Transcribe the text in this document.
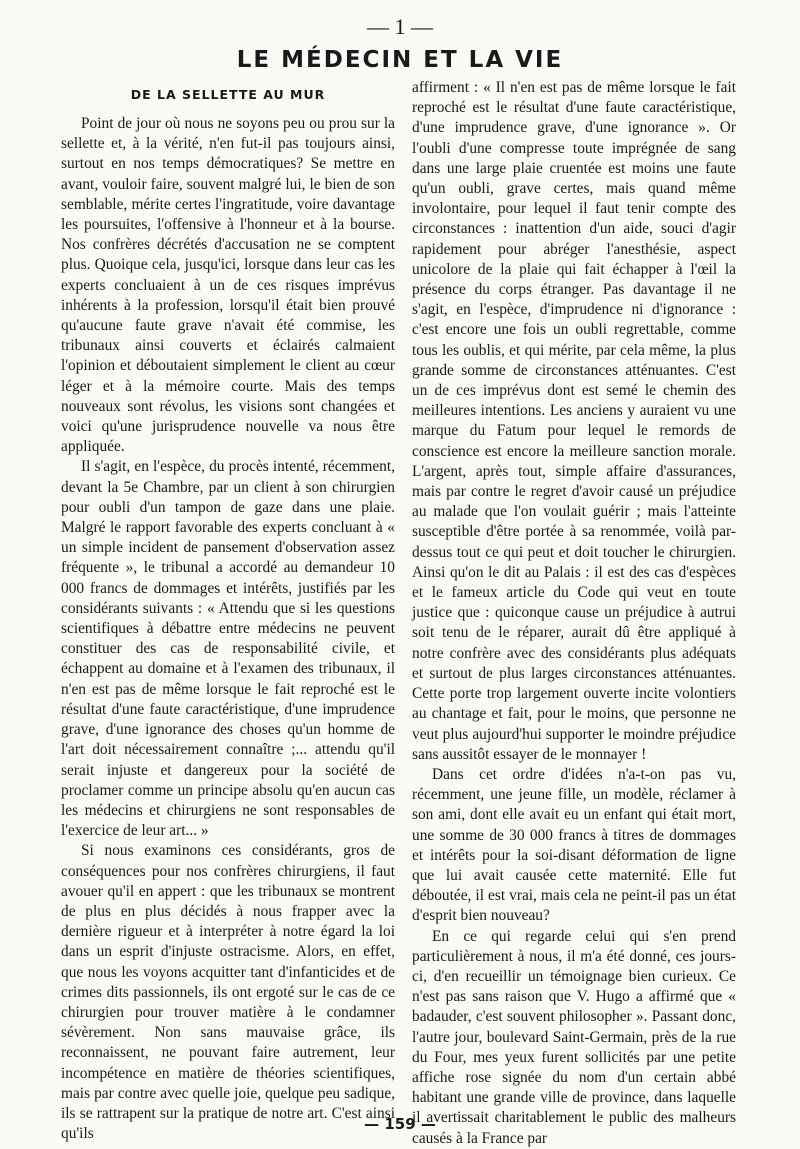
— 1 —
LE MÉDECIN ET LA VIE
DE LA SELLETTE AU MUR

Point de jour où nous ne soyons peu ou prou sur la sellette et, à la vérité, n'en fut-il pas toujours ainsi, surtout en nos temps démocratiques? Se mettre en avant, vouloir faire, souvent malgré lui, le bien de son semblable, mérite certes l'ingratitude, voire davantage les poursuites, l'offensive à l'honneur et à la bourse. Nos confrères décrétés d'accusation ne se comptent plus. Quoique cela, jusqu'ici, lorsque dans leur cas les experts concluaient à un de ces risques imprévus inhérents à la profession, lorsqu'il était bien prouvé qu'aucune faute grave n'avait été commise, les tribunaux ainsi couverts et éclairés calmaient l'opinion et déboutaient simplement le client au cœur léger et à la mémoire courte. Mais des temps nouveaux sont révolus, les visions sont changées et voici qu'une jurisprudence nouvelle va nous être appliquée.

Il s'agit, en l'espèce, du procès intenté, récemment, devant la 5e Chambre, par un client à son chirurgien pour oubli d'un tampon de gaze dans une plaie. Malgré le rapport favorable des experts concluant à « un simple incident de pansement d'observation assez fréquente », le tribunal a accordé au demandeur 10 000 francs de dommages et intérêts, justifiés par les considérants suivants : « Attendu que si les questions scientifiques à débattre entre médecins ne peuvent constituer des cas de responsabilité civile, et échappent au domaine et à l'examen des tribunaux, il n'en est pas de même lorsque le fait reproché est le résultat d'une faute caractéristique, d'une imprudence grave, d'une ignorance des choses qu'un homme de l'art doit nécessairement connaître ;... attendu qu'il serait injuste et dangereux pour la société de proclamer comme un principe absolu qu'en aucun cas les médecins et chirurgiens ne sont responsables de l'exercice de leur art... »

Si nous examinons ces considérants, gros de conséquences pour nos confrères chirurgiens, il faut avouer qu'il en appert : que les tribunaux se montrent de plus en plus décidés à nous frapper avec la dernière rigueur et à interpréter à notre égard la loi dans un esprit d'injuste ostracisme. Alors, en effet, que nous les voyons acquitter tant d'infanticides et de crimes dits passionnels, ils ont ergoté sur le cas de ce chirurgien pour trouver matière à le condamner sévèrement. Non sans mauvaise grâce, ils reconnaissent, ne pouvant faire autrement, leur incompétence en matière de théories scientifiques, mais par contre avec quelle joie, quelque peu sadique, ils se rattrapent sur la pratique de notre art. C'est ainsi qu'ils

affirment : « Il n'en est pas de même lorsque le fait reproché est le résultat d'une faute caractéristique, d'une imprudence grave, d'une ignorance ». Or l'oubli d'une compresse toute imprégnée de sang dans une large plaie cruentée est moins une faute qu'un oubli, grave certes, mais quand même involontaire, pour lequel il faut tenir compte des circonstances : inattention d'un aide, souci d'agir rapidement pour abréger l'anesthésie, aspect unicolore de la plaie qui fait échapper à l'œil la présence du corps étranger. Pas davantage il ne s'agit, en l'espèce, d'imprudence ni d'ignorance : c'est encore une fois un oubli regrettable, comme tous les oublis, et qui mérite, par cela même, la plus grande somme de circonstances atténuantes. C'est un de ces imprévus dont est semé le chemin des meilleures intentions. Les anciens y auraient vu une marque du Fatum pour lequel le remords de conscience est encore la meilleure sanction morale. L'argent, après tout, simple affaire d'assurances, mais par contre le regret d'avoir causé un préjudice au malade que l'on voulait guérir ; mais l'atteinte susceptible d'être portée à sa renommée, voilà par-dessus tout ce qui peut et doit toucher le chirurgien. Ainsi qu'on le dit au Palais : il est des cas d'espèces et le fameux article du Code qui veut en toute justice que : quiconque cause un préjudice à autrui soit tenu de le réparer, aurait dû être appliqué à notre confrère avec des considérants plus adéquats et surtout de plus larges circonstances atténuantes. Cette porte trop largement ouverte incite volontiers au chantage et fait, pour le moins, que personne ne veut plus aujourd'hui supporter le moindre préjudice sans aussitôt essayer de le monnayer !

Dans cet ordre d'idées n'a-t-on pas vu, récemment, une jeune fille, un modèle, réclamer à son ami, dont elle avait eu un enfant qui était mort, une somme de 30 000 francs à titres de dommages et intérêts pour la soi-disant déformation de ligne que lui avait causée cette maternité. Elle fut déboutée, il est vrai, mais cela ne peint-il pas un état d'esprit bien nouveau?

En ce qui regarde celui qui s'en prend particulièrement à nous, il m'a été donné, ces jours-ci, d'en recueillir un témoignage bien curieux. Ce n'est pas sans raison que V. Hugo a affirmé que « badauder, c'est souvent philosopher ». Passant donc, l'autre jour, boulevard Saint-Germain, près de la rue du Four, mes yeux furent sollicités par une petite affiche rose signée du nom d'un certain abbé habitant une grande ville de province, dans laquelle il avertissait charitablement le public des malheurs causés à la France par

— 159 —
